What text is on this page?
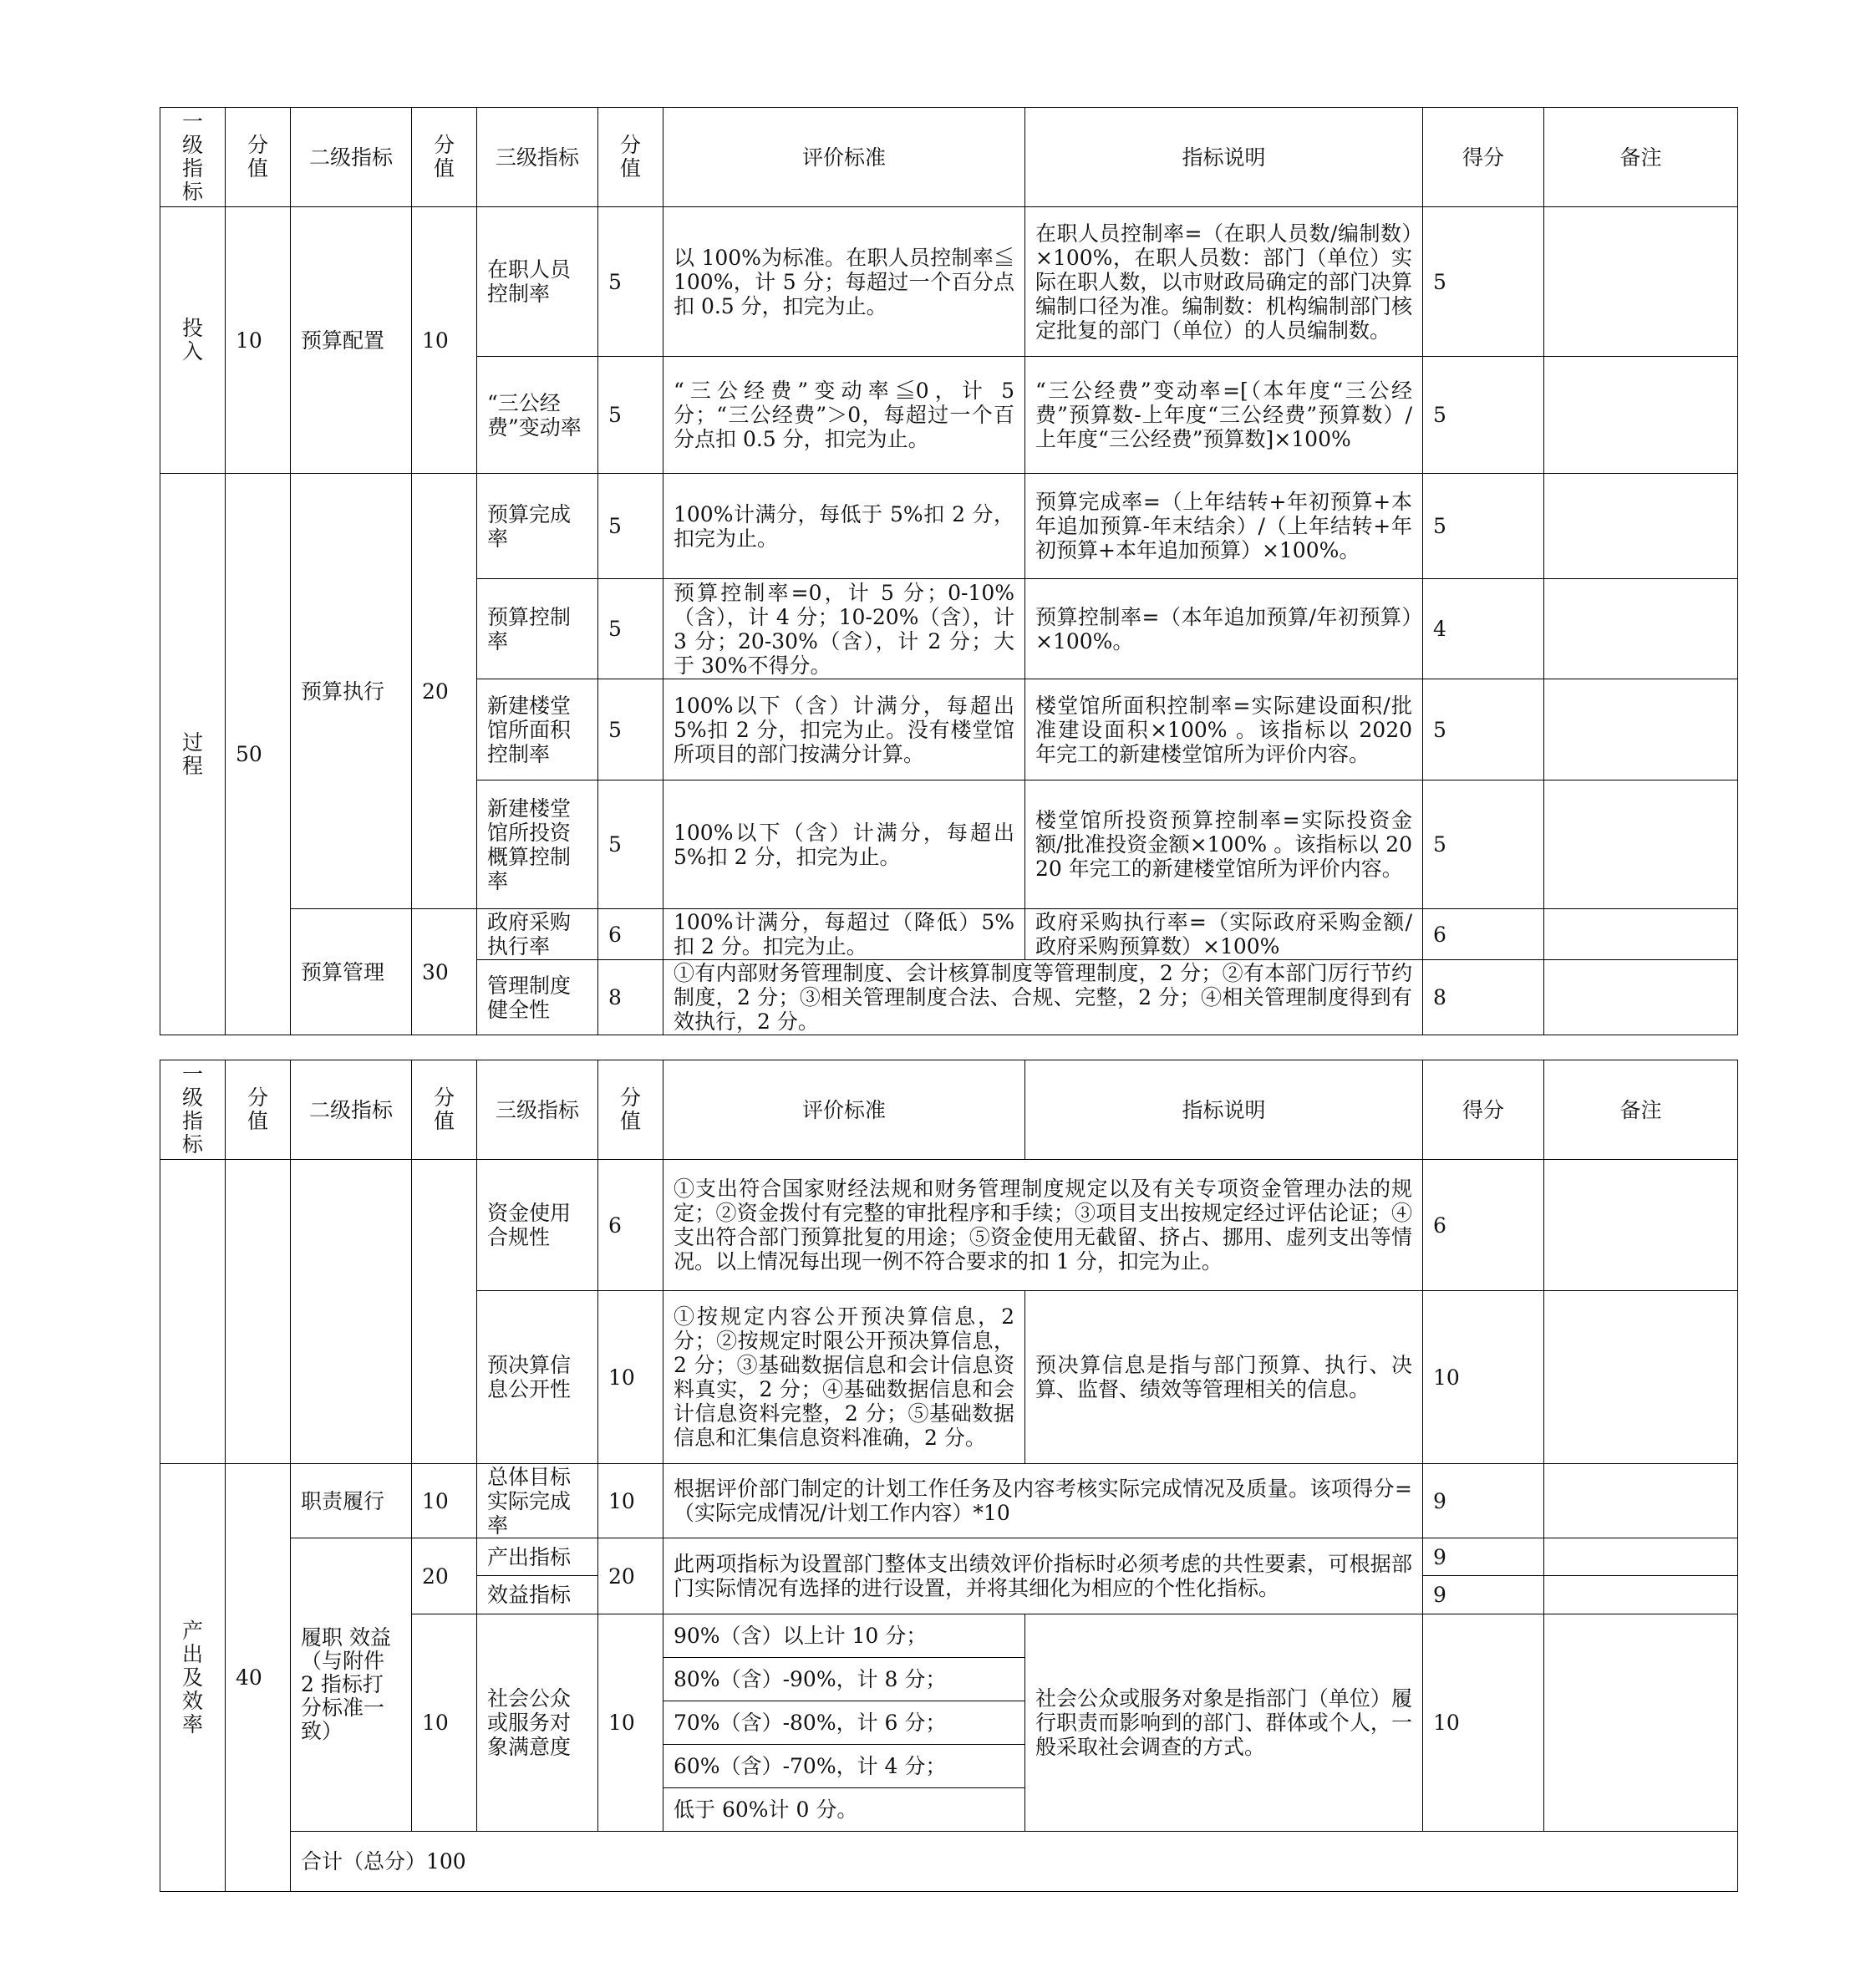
一级指标	分值	二级指标	分值	三级指标	分值	评价标准	指标说明	得分	备注

投入	10	预算配置	10	在职人员控制率	5	以 100%为标准。在职人员控制率≦100%，计 5 分；每超过一个百分点扣 0.5 分，扣完为止。	在职人员控制率=（在职人员数/编制数）×100%，在职人员数：部门（单位）实际在职人数，以市财政局确定的部门决算编制口径为准。编制数：机构编制部门核定批复的部门（单位）的人员编制数。	5	
				“三公经费”变动率	5	“三公经费”变动率≦0，计 5 分；“三公经费”＞0，每超过一个百分点扣 0.5 分，扣完为止。	“三公经费”变动率=[（本年度“三公经费”预算数-上年度“三公经费”预算数）/上年度“三公经费”预算数]×100%	5	

过程	50	预算执行	20	预算完成率	5	100%计满分，每低于 5%扣 2 分，扣完为止。	预算完成率=（上年结转+年初预算+本年追加预算-年末结余）/（上年结转+年初预算+本年追加预算）×100%。	5	
				预算控制率	5	预算控制率=0，计 5 分；0-10%（含），计 4 分；10-20%（含），计 3 分；20-30%（含），计 2 分；大于 30%不得分。	预算控制率=（本年追加预算/年初预算）×100%。	4	
				新建楼堂馆所面积控制率	5	100%以下（含）计满分，每超出 5%扣 2 分，扣完为止。没有楼堂馆所项目的部门按满分计算。	楼堂馆所面积控制率=实际建设面积/批准建设面积×100% 。该指标以 2020 年完工的新建楼堂馆所为评价内容。	5	
				新建楼堂馆所投资概算控制率	5	100%以下（含）计满分，每超出 5%扣 2 分，扣完为止。	楼堂馆所投资预算控制率=实际投资金额/批准投资金额×100% 。该指标以 2020 年完工的新建楼堂馆所为评价内容。	5	
		预算管理	30	政府采购执行率	6	100%计满分，每超过（降低）5%扣 2 分。扣完为止。	政府采购执行率=（实际政府采购金额/政府采购预算数）×100%	6	
				管理制度健全性	8	①有内部财务管理制度、会计核算制度等管理制度，2 分；②有本部门厉行节约制度，2 分；③相关管理制度合法、合规、完整，2 分；④相关管理制度得到有效执行，2 分。		8	
一级指标	分值	二级指标	分值	三级指标	分值	评价标准	指标说明	得分	备注	
				资金使用合规性	6	①支出符合国家财经法规和财务管理制度规定以及有关专项资金管理办法的规定；②资金拨付有完整的审批程序和手续；③项目支出按规定经过评估论证；④支出符合部门预算批复的用途；⑤资金使用无截留、挤占、挪用、虚列支出等情况。以上情况每出现一例不符合要求的扣 1 分，扣完为止。		6		
				预决算信息公开性	10	①按规定内容公开预决算信息，2 分；②按规定时限公开预决算信息，2 分；③基础数据信息和会计信息资料真实，2 分；④基础数据信息和会计信息资料完整，2 分；⑤基础数据信息和汇集信息资料准确，2 分。	预决算信息是指与部门预算、执行、决算、监督、绩效等管理相关的信息。	10		

产出及效率	40	职责履行	10	总体目标实际完成率	10	根据评价部门制定的计划工作任务及内容考核实际完成情况及质量。该项得分=（实际完成情况/计划工作内容）*10		9		

		履职 效益（与附件 2 指标打分标准一致）	20	产出指标	20	此两项指标为设置部门整体支出绩效评价指标时必须考虑的共性要素，可根据部门实际情况有选择的进行设置，并将其细化为相应的个性化指标。		9		
				效益指标				9		
			10	社会公众或服务对象满意度	10	90%（含）以上计 10 分；	社会公众或服务对象是指部门（单位）履行职责而影响到的部门、群体或个人，一般采取社会调查的方式。	10		
						80%（含）-90%，计 8 分；				
						70%（含）-80%，计 6 分；				
						60%（含）-70%，计 4 分；				
						低于 60%计 0 分。				
		合计（总分）100		
